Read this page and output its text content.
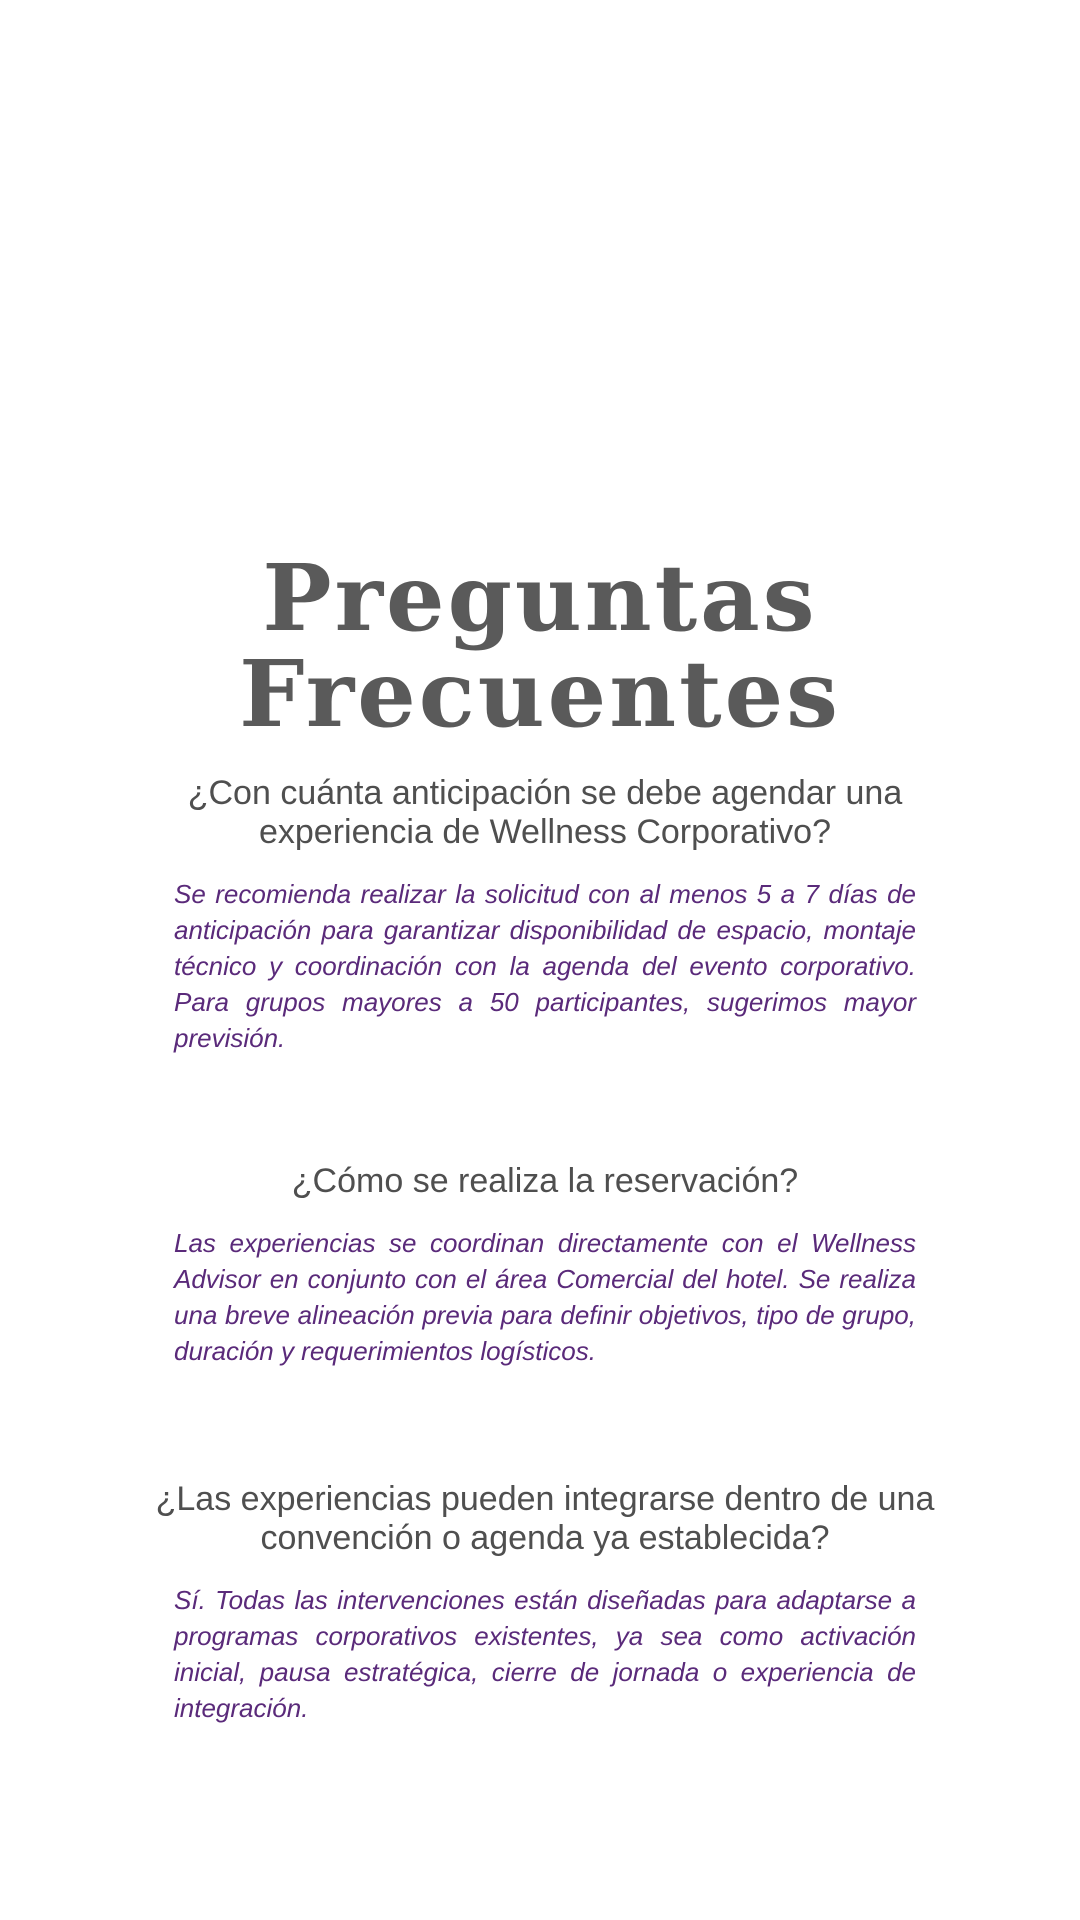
Preguntas
Frecuentes

¿Con cuánta anticipación se debe agendar una experiencia de Wellness Corporativo?

Se recomienda realizar la solicitud con al menos 5 a 7 días de anticipación para garantizar disponibilidad de espacio, montaje técnico y coordinación con la agenda del evento corporativo. Para grupos mayores a 50 participantes, sugerimos mayor previsión.

¿Cómo se realiza la reservación?

Las experiencias se coordinan directamente con el Wellness Advisor en conjunto con el área Comercial del hotel. Se realiza una breve alineación previa para definir objetivos, tipo de grupo, duración y requerimientos logísticos.

¿Las experiencias pueden integrarse dentro de una convención o agenda ya establecida?

Sí. Todas las intervenciones están diseñadas para adaptarse a programas corporativos existentes, ya sea como activación inicial, pausa estratégica, cierre de jornada o experiencia de integración.
